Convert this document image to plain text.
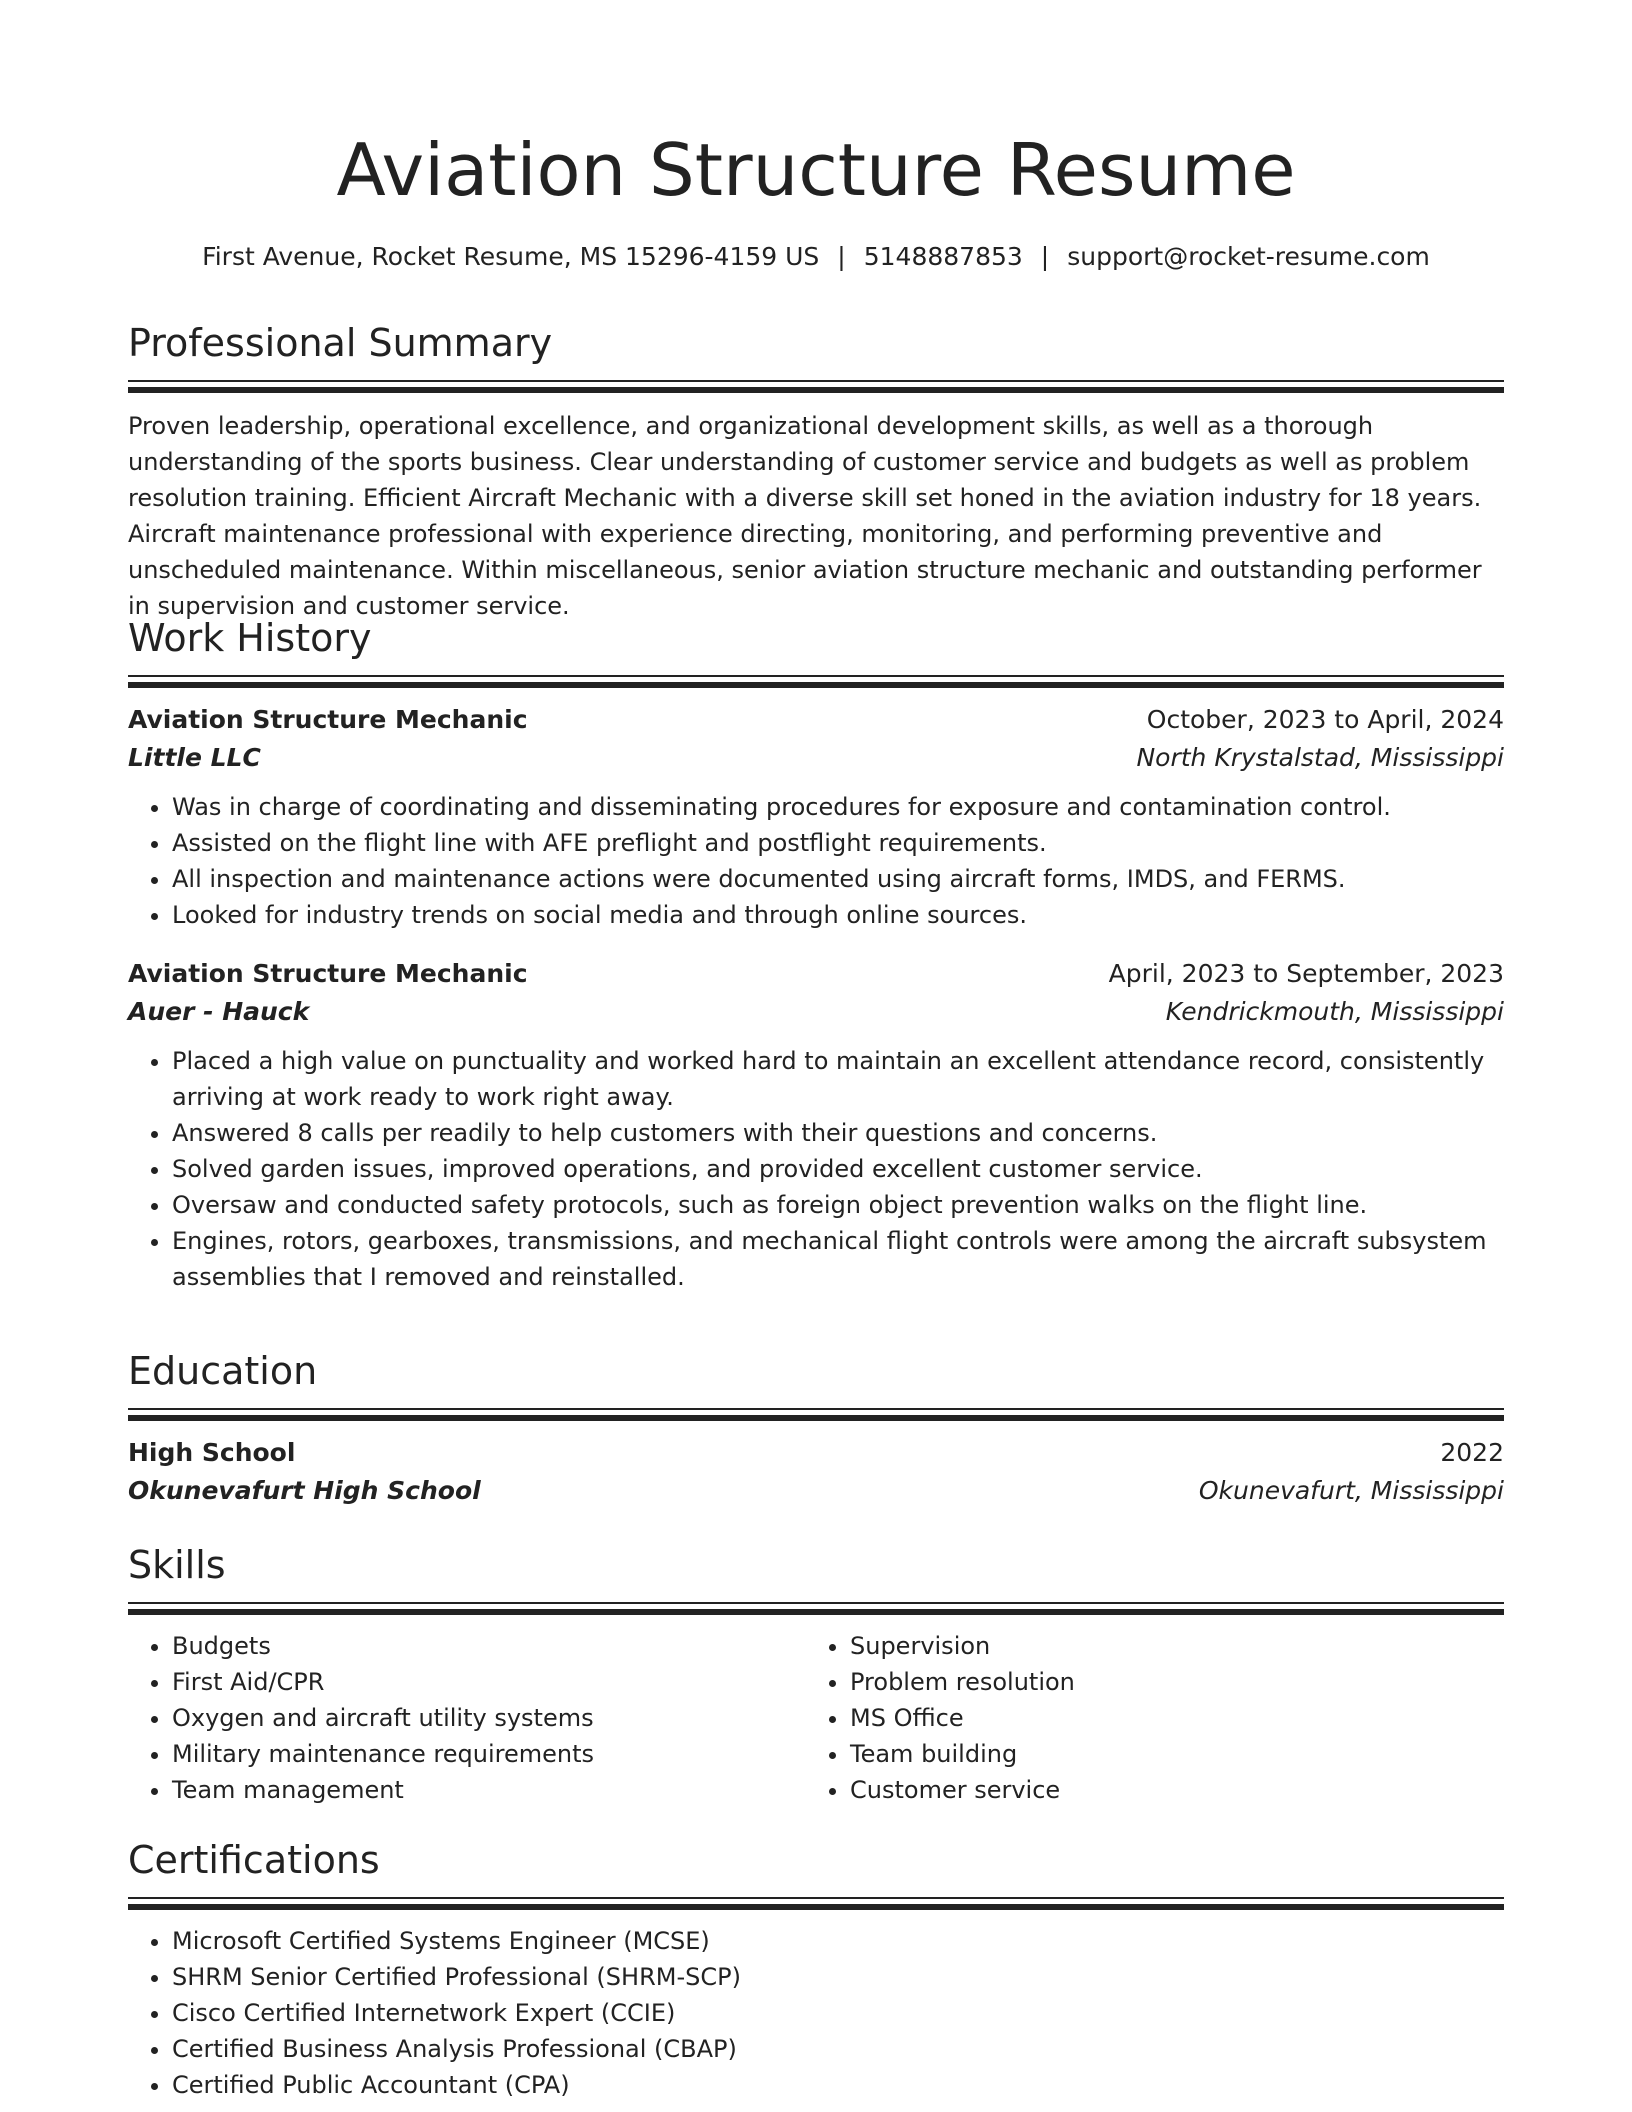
Aviation Structure Resume
First Avenue, Rocket Resume, MS 15296-4159 US | 5148887853 | support@rocket-resume.com
Professional Summary

Proven leadership, operational excellence, and organizational development skills, as well as a thorough understanding of the sports business. Clear understanding of customer service and budgets as well as problem resolution training. Efficient Aircraft Mechanic with a diverse skill set honed in the aviation industry for 18 years. Aircraft maintenance professional with experience directing, monitoring, and performing preventive and unscheduled maintenance. Within miscellaneous, senior aviation structure mechanic and outstanding performer in supervision and customer service.

Work History
Aviation Structure Mechanic	October, 2023 to April, 2024
Little LLC	North Krystalstad, Mississippi
• Was in charge of coordinating and disseminating procedures for exposure and contamination control.
• Assisted on the flight line with AFE preflight and postflight requirements.
• All inspection and maintenance actions were documented using aircraft forms, IMDS, and FERMS.
• Looked for industry trends on social media and through online sources.
Aviation Structure Mechanic	April, 2023 to September, 2023
Auer - Hauck	Kendrickmouth, Mississippi
• Placed a high value on punctuality and worked hard to maintain an excellent attendance record, consistently arriving at work ready to work right away.
• Answered 8 calls per readily to help customers with their questions and concerns.
• Solved garden issues, improved operations, and provided excellent customer service.
• Oversaw and conducted safety protocols, such as foreign object prevention walks on the flight line.
• Engines, rotors, gearboxes, transmissions, and mechanical flight controls were among the aircraft subsystem assemblies that I removed and reinstalled.
Education
High School	2022
Okunevafurt High School	Okunevafurt, Mississippi
Skills
• Budgets
• First Aid/CPR
• Oxygen and aircraft utility systems
• Military maintenance requirements
• Team management
• Supervision
• Problem resolution
• MS Office
• Team building
• Customer service
Certifications
• Microsoft Certified Systems Engineer (MCSE)
• SHRM Senior Certified Professional (SHRM-SCP)
• Cisco Certified Internetwork Expert (CCIE)
• Certified Business Analysis Professional (CBAP)
• Certified Public Accountant (CPA)
